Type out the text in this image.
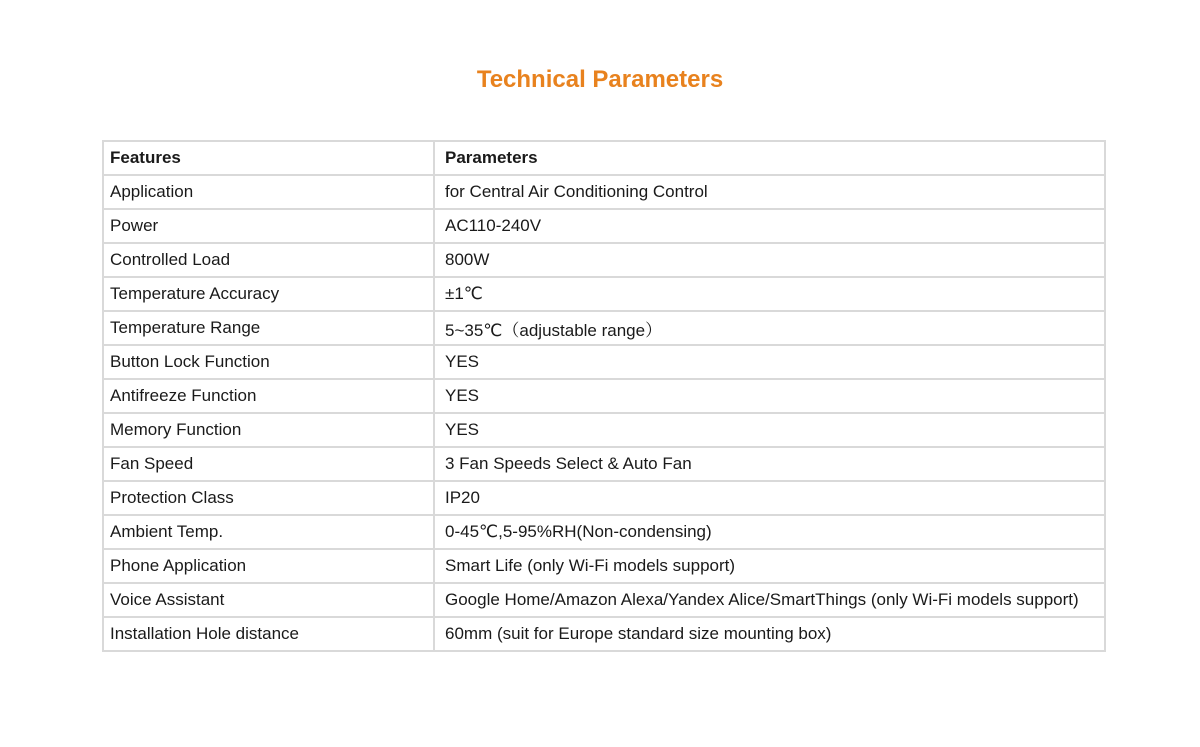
Technical Parameters
Features	Parameters
Application	for Central Air Conditioning Control
Power	AC110-240V
Controlled Load	800W
Temperature Accuracy	±1℃
Temperature Range	5~35℃（adjustable range）
Button Lock Function	YES
Antifreeze Function	YES
Memory Function	YES
Fan Speed	3 Fan Speeds Select & Auto Fan
Protection Class	IP20
Ambient Temp.	0-45℃,5-95%RH(Non-condensing)
Phone Application	Smart Life (only Wi-Fi models support)
Voice Assistant	Google Home/Amazon Alexa/Yandex Alice/SmartThings (only Wi-Fi models support)
Installation Hole distance	60mm (suit for Europe standard size mounting box)
